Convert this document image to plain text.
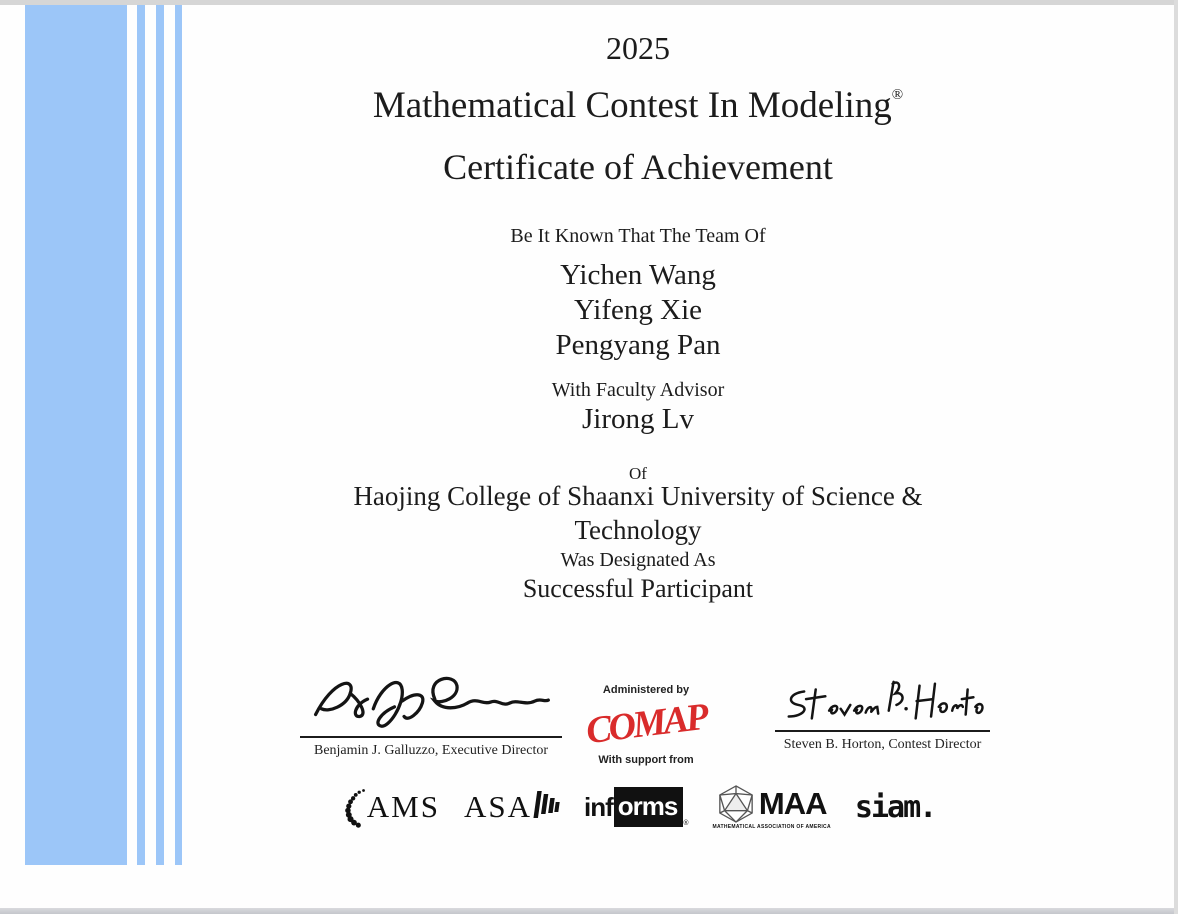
2025
Mathematical Contest In Modeling®
Certificate of Achievement
Be It Known That The Team Of
Yichen Wang
Yifeng Xie
Pengyang Pan
With Faculty Advisor
Jirong Lv
Of
Haojing College of Shaanxi University of Science & Technology
Was Designated As
Successful Participant
Benjamin J. Galluzzo, Executive Director
Administered by
COMAP
With support from
Steven B. Horton, Contest Director
AMS ASA inf orms
®
MAA
MATHEMATICAL ASSOCIATION OF AMERICA
siam.
